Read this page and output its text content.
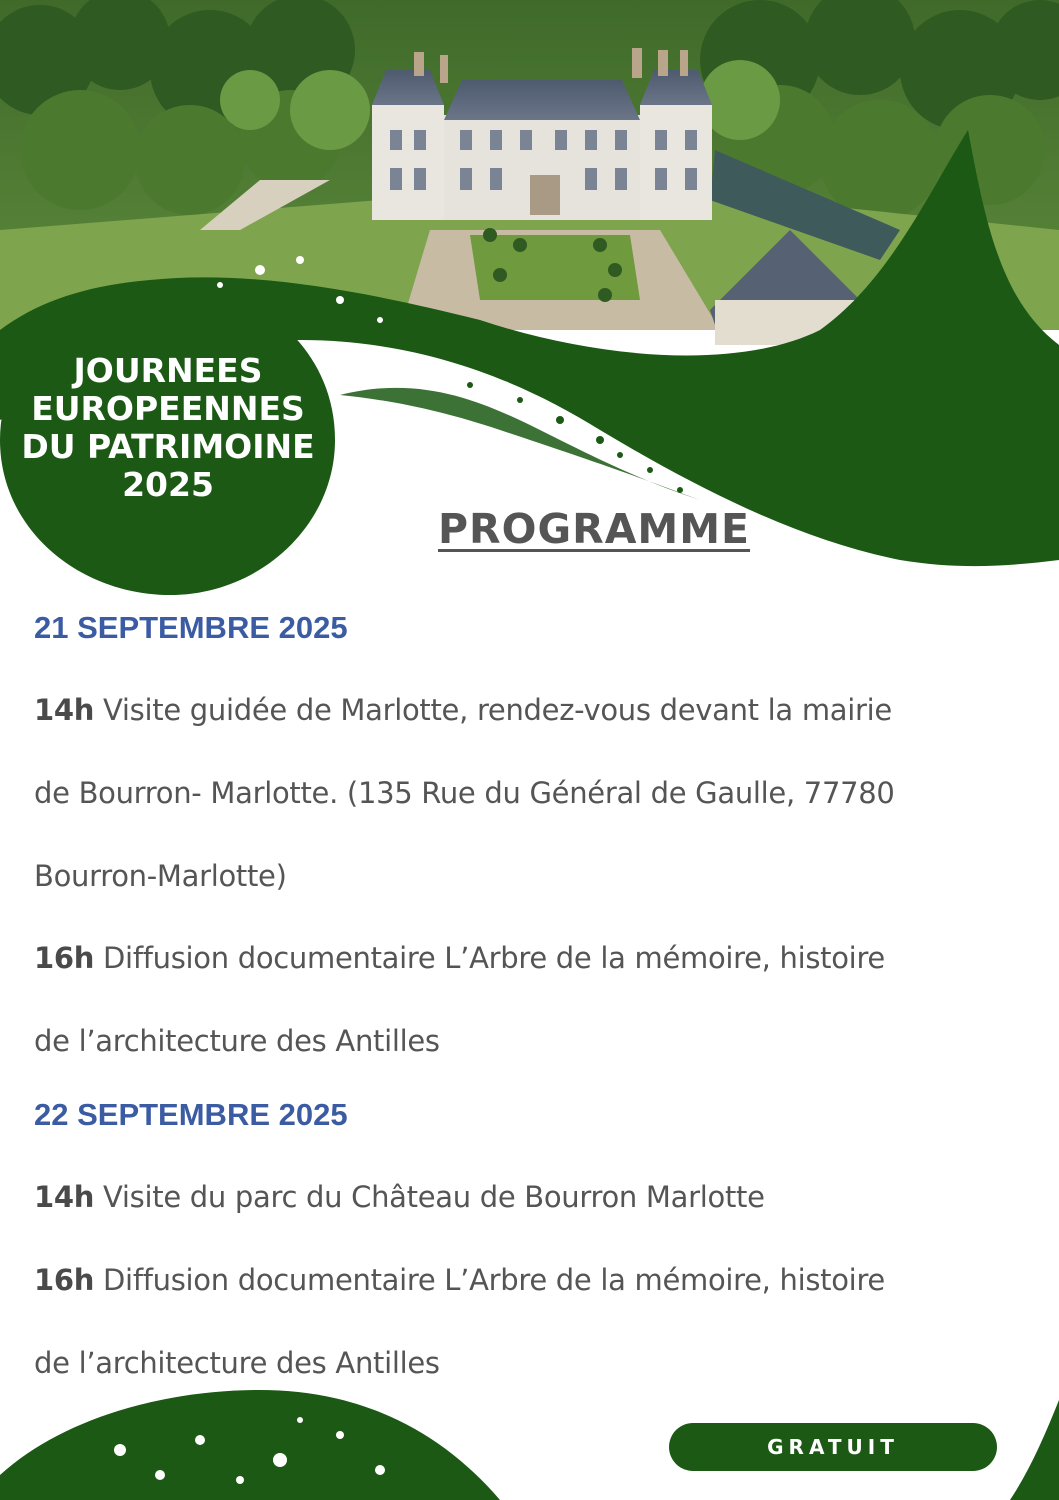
JOURNEES
EUROPEENNES
DU PATRIMOINE
2025
PROGRAMME
21 SEPTEMBRE 2025

14h Visite guidée de Marlotte, rendez-vous devant la mairie

de Bourron- Marlotte. (135 Rue du Général de Gaulle, 77780

Bourron-Marlotte)

16h Diffusion documentaire L’Arbre de la mémoire, histoire

de l’architecture des Antilles

22 SEPTEMBRE 2025

14h Visite du parc du Château de Bourron Marlotte

16h Diffusion documentaire L’Arbre de la mémoire, histoire

de l’architecture des Antilles

GRATUIT
